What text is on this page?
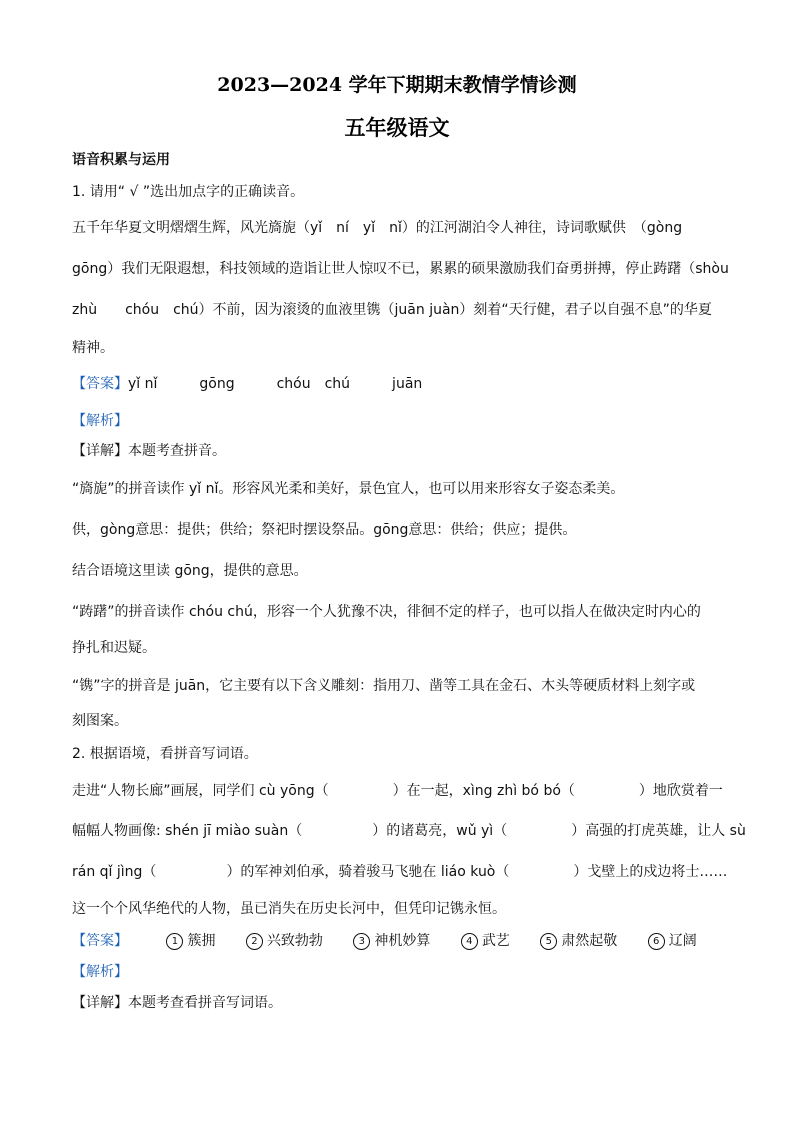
2023—2024 学年下期期末教情学情诊测
五年级语文
语音积累与运用
1. 请用“ √ ”选出加点字的正确读音。
五千年华夏文明熠熠生辉，风光旖旎（yǐ　ní　yǐ　nǐ）的江河湖泊令人神往，诗词歌赋供　（gòng
gōng）我们无限遐想，科技领域的造诣让世人惊叹不已，累累的硕果激励我们奋勇拼搏，停止踌躇（shòu
zhù　　chóu　chú）不前，因为滚烫的血液里镌（juān juàn）刻着“天行健，君子以自强不息”的华夏
精神。
【答案】yǐ nǐ　　　gōng　　　chóu　chú　　　juān
【解析】
【详解】本题考查拼音。
“旖旎”的拼音读作 yǐ nǐ。形容风光柔和美好，景色宜人，也可以用来形容女子姿态柔美。
供，gòng意思：提供；供给；祭祀时摆设祭品。gōng意思：供给；供应；提供。
结合语境这里读 gōng，提供的意思。
“踌躇”的拼音读作 chóu chú，形容一个人犹豫不决，徘徊不定的样子，也可以指人在做决定时内心的
挣扎和迟疑。
“镌”字的拼音是 juān，它主要有以下含义雕刻：指用刀、凿等工具在金石、木头等硬质材料上刻字或
刻图案。
2. 根据语境，看拼音写词语。
走进“人物长廊”画展，同学们 cù yōng（	）在一起，xìng zhì bó bó（	）地欣赏着一
幅幅人物画像: shén jī miào suàn（	）的诸葛亮，wǔ yì（	）高强的打虎英雄，让人 sù
rán qǐ jìng（	）的军神刘伯承，骑着骏马飞驰在 liáo kuò（	）戈壁上的戍边将士……
这一个个风华绝代的人物，虽已消失在历史长河中，但凭印记镌永恒。
【答案】	1 簇拥	2 兴致勃勃	3 神机妙算	4 武艺	5 肃然起敬	6 辽阔
【解析】
【详解】本题考查看拼音写词语。
